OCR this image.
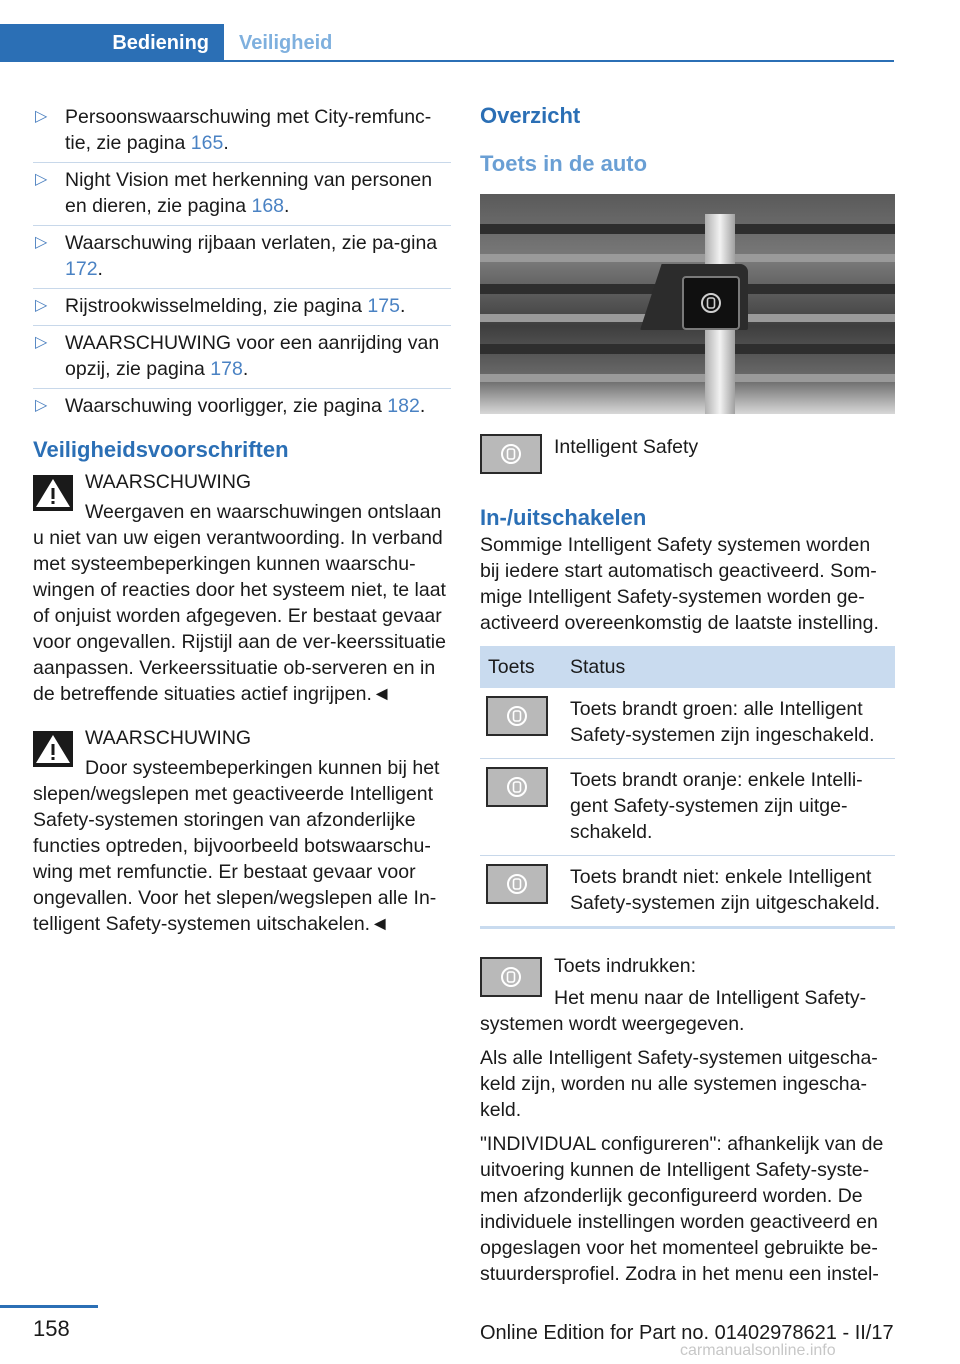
Bediening	Veiligheid
▷ Persoonswaarschuwing met City-remfunc-tie, zie pagina 165.
▷ Night Vision met herkenning van personen en dieren, zie pagina 168.
▷ Waarschuwing rijbaan verlaten, zie pa-gina 172.
▷ Rijstrookwisselmelding, zie pagina 175.
▷ WAARSCHUWING voor een aanrijding van opzij, zie pagina 178.
▷ Waarschuwing voorligger, zie pagina 182.
Veiligheidsvoorschriften
WAARSCHUWING
Weergaven en waarschuwingen ontslaan

u niet van uw eigen verantwoording. In verband met systeembeperkingen kunnen waarschu-wingen of reacties door het systeem niet, te laat of onjuist worden afgegeven. Er bestaat gevaar voor ongevallen. Rijstijl aan de ver-keerssituatie aanpassen. Verkeerssituatie ob-serveren en in de betreffende situaties actief ingrijpen.◄

WAARSCHUWING
Door systeembeperkingen kunnen bij het

slepen/wegslepen met geactiveerde Intelligent Safety-systemen storingen van afzonderlijke functies optreden, bijvoorbeeld botswaarschu-wing met remfunctie. Er bestaat gevaar voor ongevallen. Voor het slepen/wegslepen alle In-telligent Safety-systemen uitschakelen.◄

Overzicht
Toets in de auto
Intelligent Safety
In-/uitschakelen

Sommige Intelligent Safety systemen worden bij iedere start automatisch geactiveerd. Som-mige Intelligent Safety-systemen worden ge-activeerd overeenkomstig de laatste instelling.

Toets	Status

	Toets brandt groen: alle Intelligent Safety-systemen zijn ingeschakeld.

	Toets brandt oranje: enkele Intelli-gent Safety-systemen zijn uitge-schakeld.

	Toets brandt niet: enkele Intelligent Safety-systemen zijn uitgeschakeld.
Toets indrukken:
Het menu naar de Intelligent Safety-
systemen wordt weergegeven.

Als alle Intelligent Safety-systemen uitgescha-keld zijn, worden nu alle systemen ingescha-keld.

"INDIVIDUAL configureren": afhankelijk van de uitvoering kunnen de Intelligent Safety-syste-men afzonderlijk geconfigureerd worden. De individuele instellingen worden geactiveerd en opgeslagen voor het momenteel gebruikte be-stuurdersprofiel. Zodra in het menu een instel-

158	Online Edition for Part no. 01402978621 - II/17
carmanualsonline.info
